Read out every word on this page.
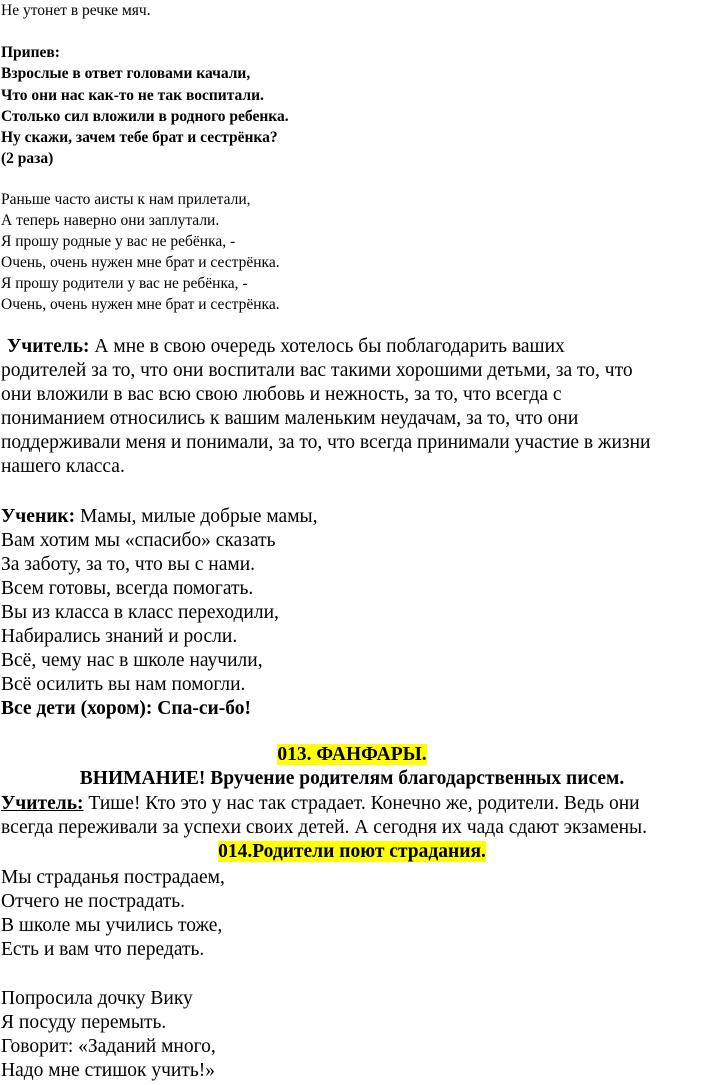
Не утонет в речке мяч.
Припев:
Взрослые в ответ головами качали,
Что они нас как-то не так воспитали.
Столько сил вложили в родного ребенка.
Ну скажи, зачем тебе брат и сестрёнка?
(2 раза)
Раньше часто аисты к нам прилетали,
А теперь наверно они заплутали.
Я прошу родные у вас не ребёнка, -
Очень, очень нужен мне брат и сестрёнка.
Я прошу родители у вас не ребёнка, -
Очень, очень нужен мне брат и сестрёнка.
Учитель: А мне в свою очередь хотелось бы поблагодарить ваших
родителей за то, что они воспитали вас такими хорошими детьми, за то, что
они вложили в вас всю свою любовь и нежность, за то, что всегда с
пониманием относились к вашим маленьким неудачам, за то, что они
поддерживали меня и понимали, за то, что всегда принимали участие в жизни
нашего класса.
Ученик: Мамы, милые добрые мамы,
Вам хотим мы «спасибо» сказать
За заботу, за то, что вы с нами.
Всем готовы, всегда помогать.
Вы из класса в класс переходили,
Набирались знаний и росли.
Всё, чему нас в школе научили,
Всё осилить вы нам помогли.
Все дети (хором): Спа-си-бо!
013. ФАНФАРЫ.
ВНИМАНИЕ! Вручение родителям благодарственных писем.
Учитель: Тише! Кто это у нас так страдает. Конечно же, родители. Ведь они
всегда переживали за успехи своих детей. А сегодня их чада сдают экзамены.
014.Родители поют страдания.
Мы страданья пострадаем,
Отчего не пострадать.
В школе мы учились тоже,
Есть и вам что передать.
Попросила дочку Вику
Я посуду перемыть.
Говорит: «Заданий много,
Надо мне стишок учить!»
